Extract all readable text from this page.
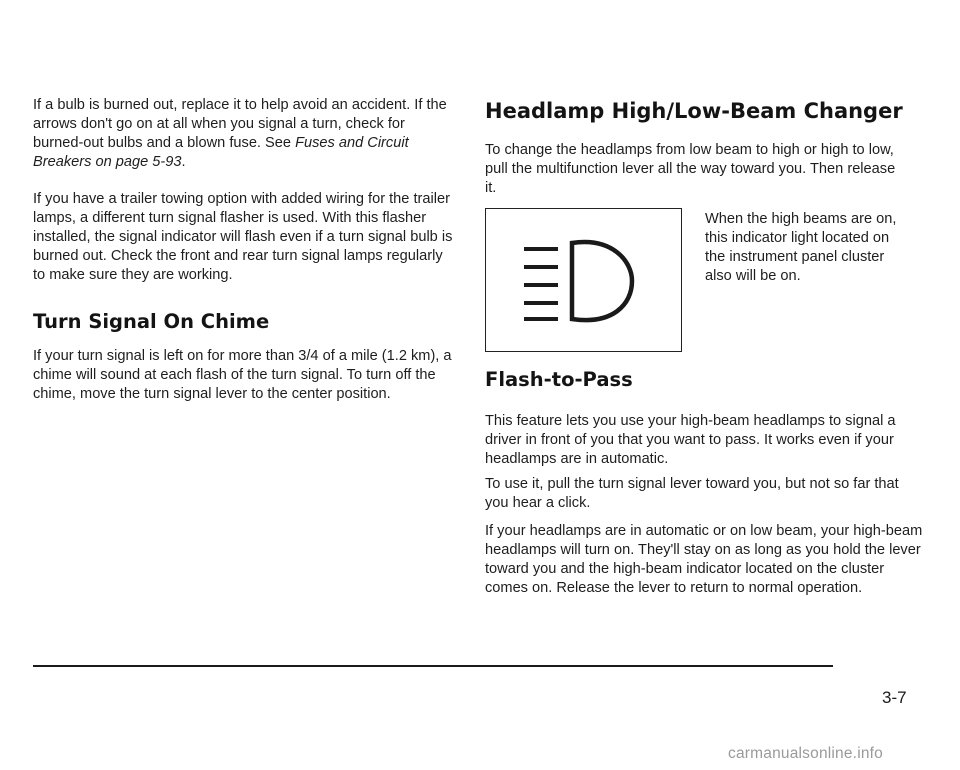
If a bulb is burned out, replace it to help avoid an accident. If the arrows don't go on at all when you signal a turn, check for burned-out bulbs and a blown fuse. See Fuses and Circuit Breakers on page 5-93.

If you have a trailer towing option with added wiring for the trailer lamps, a different turn signal flasher is used. With this flasher installed, the signal indicator will flash even if a turn signal bulb is burned out. Check the front and rear turn signal lamps regularly to make sure they are working.

Turn Signal On Chime

If your turn signal is left on for more than 3/4 of a mile (1.2 km), a chime will sound at each flash of the turn signal. To turn off the chime, move the turn signal lever to the center position.

Headlamp High/Low-Beam Changer

To change the headlamps from low beam to high or high to low, pull the multifunction lever all the way toward you. Then release it.

When the high beams are on, this indicator light located on the instrument panel cluster also will be on.

Flash-to-Pass

This feature lets you use your high-beam headlamps to signal a driver in front of you that you want to pass. It works even if your headlamps are in automatic.

To use it, pull the turn signal lever toward you, but not so far that you hear a click.

If your headlamps are in automatic or on low beam, your high-beam headlamps will turn on. They'll stay on as long as you hold the lever toward you and the high-beam indicator located on the cluster comes on. Release the lever to return to normal operation.

3-7
carmanualsonline.info
